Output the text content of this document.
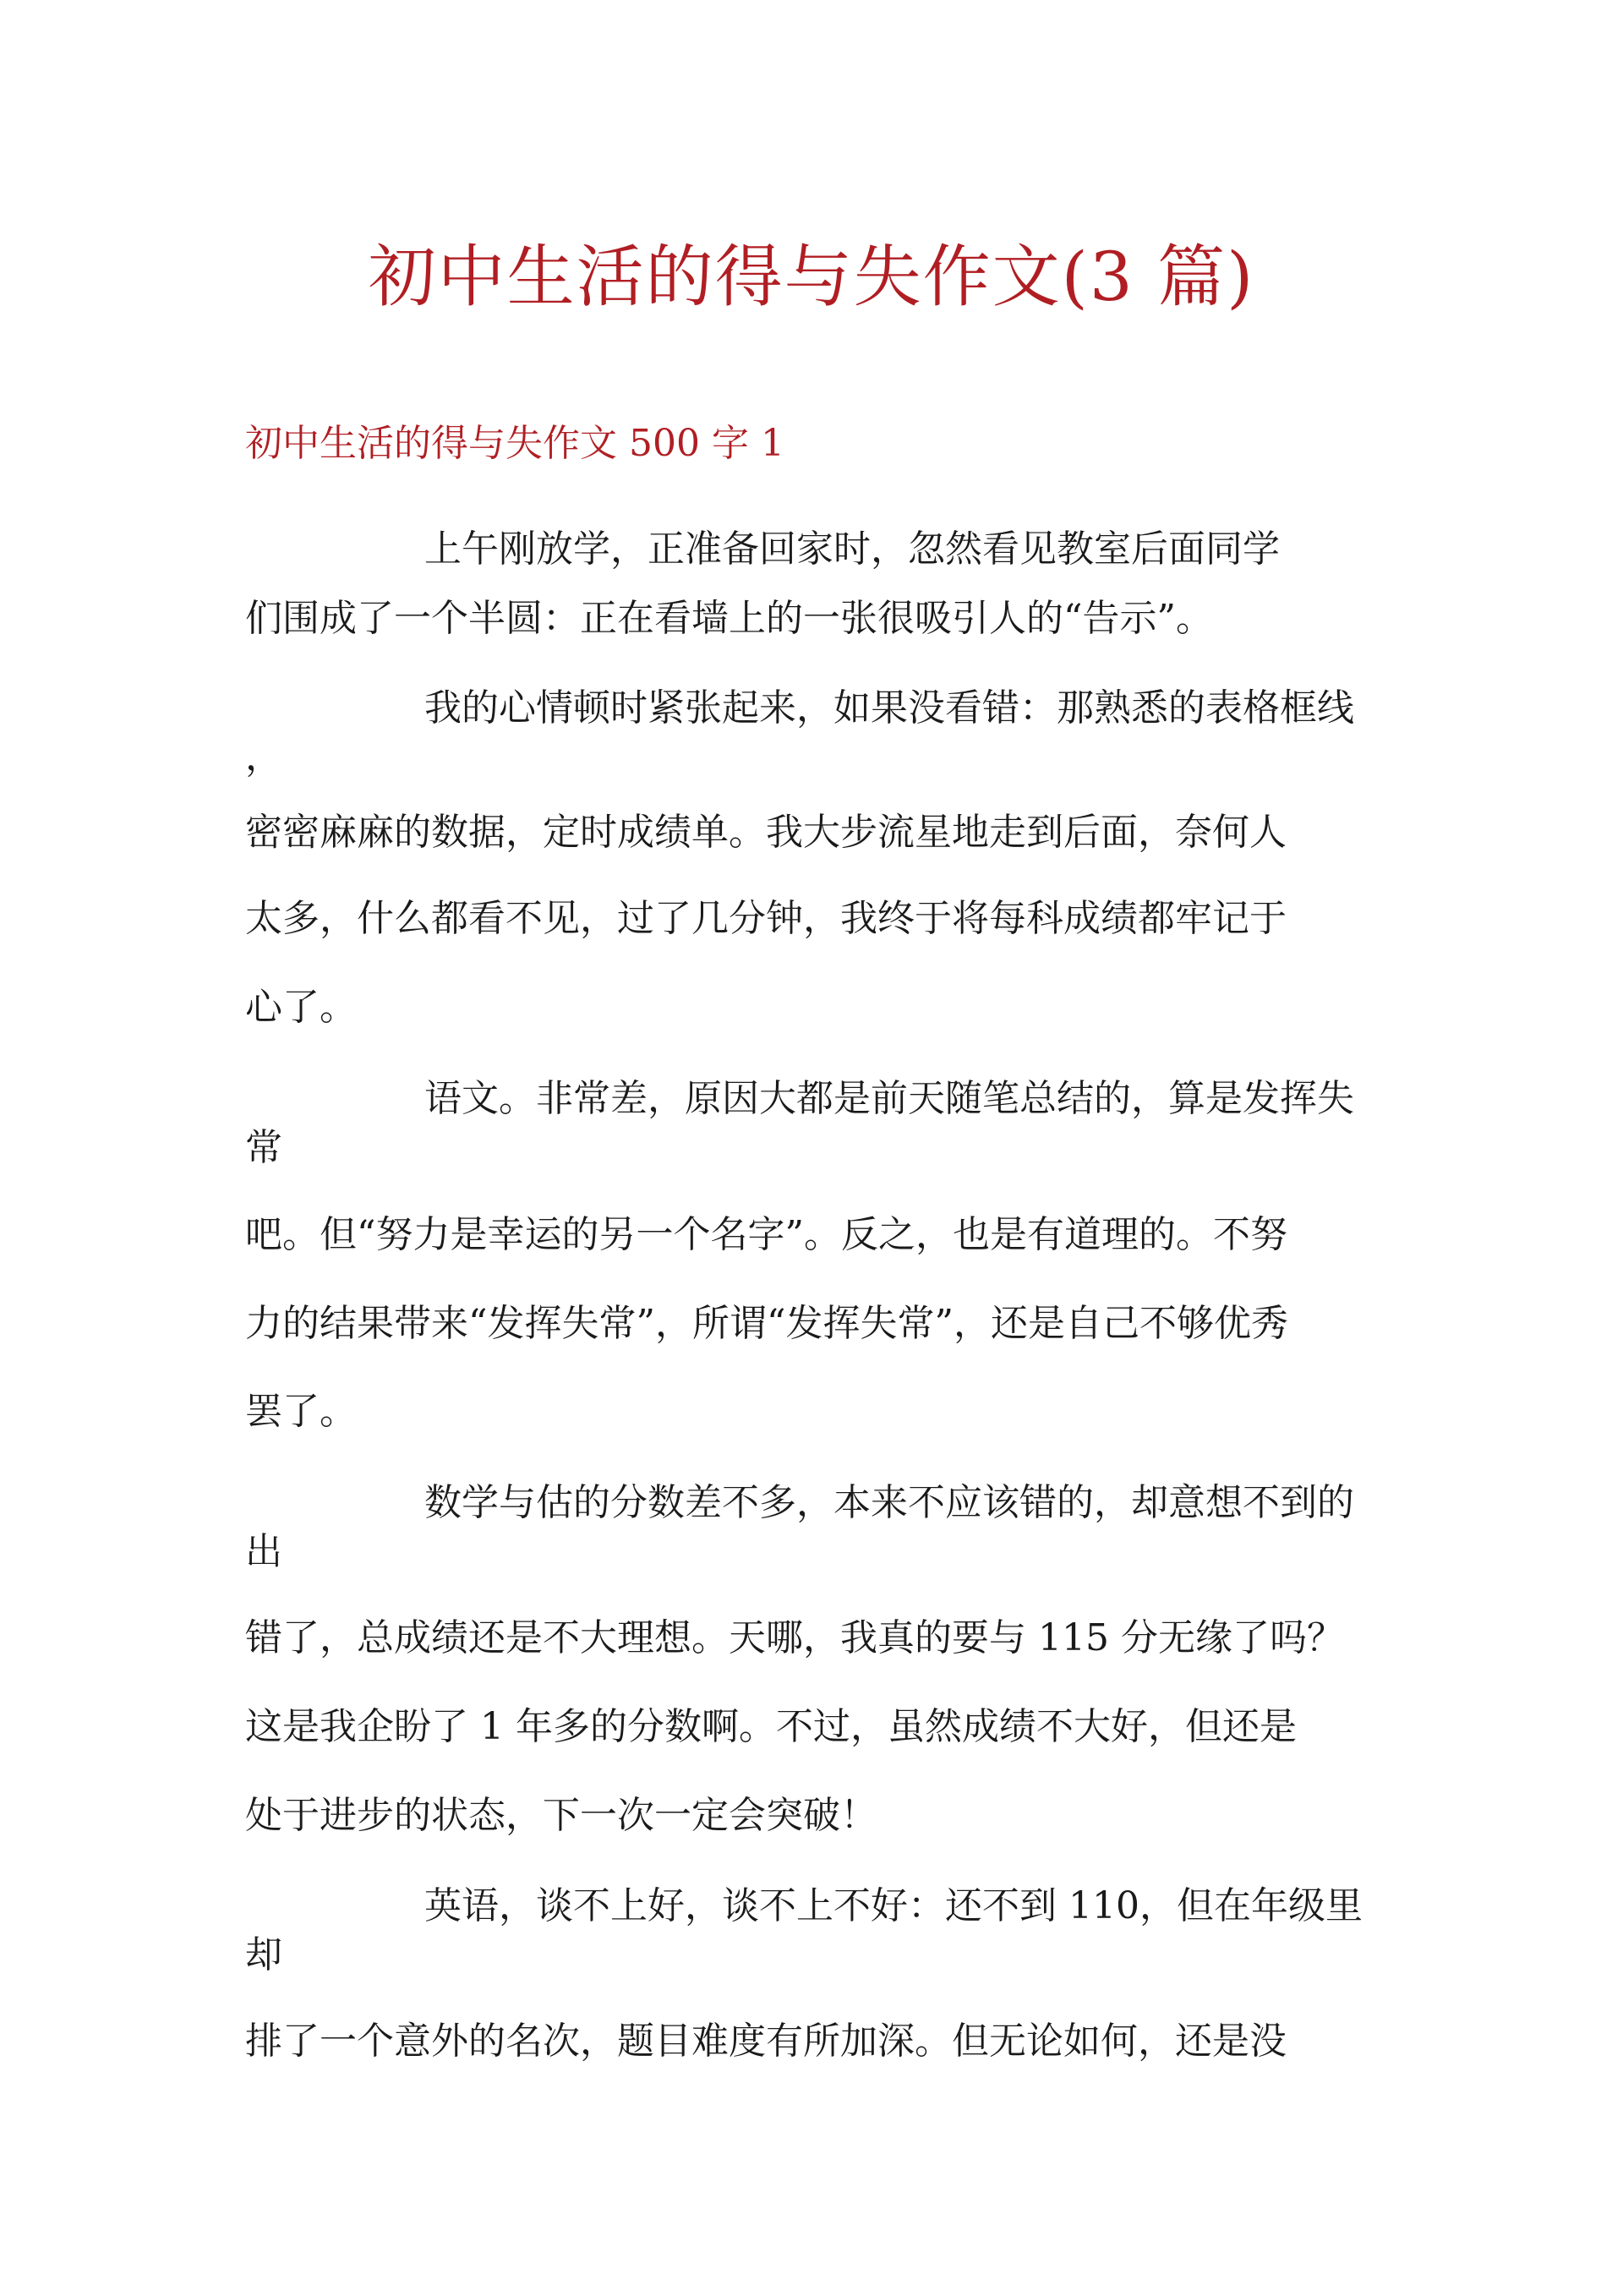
初中生活的得与失作文(3 篇)
初中生活的得与失作文 500 字 1
上午刚放学，正准备回家时，忽然看见教室后面同学
们围成了一个半圆：正在看墙上的一张很吸引人的“告示”。
我的心情顿时紧张起来，如果没看错：那熟悉的表格框线
，
密密麻麻的数据，定时成绩单。我大步流星地走到后面，奈何人
太多，什么都看不见，过了几分钟，我终于将每科成绩都牢记于
心了。
语文。非常差，原因大都是前天随笔总结的，算是发挥失
常
吧。但“努力是幸运的另一个名字”。反之，也是有道理的。不努
力的结果带来“发挥失常”，所谓“发挥失常”，还是自己不够优秀
罢了。
数学与估的分数差不多，本来不应该错的，却意想不到的
出
错了，总成绩还是不大理想。天哪，我真的要与 115 分无缘了吗？
这是我企盼了 1 年多的分数啊。不过，虽然成绩不大好，但还是
处于进步的状态，下一次一定会突破！
英语，谈不上好，谈不上不好：还不到 110，但在年级里
却
排了一个意外的名次，题目难度有所加深。但无论如何，还是没
